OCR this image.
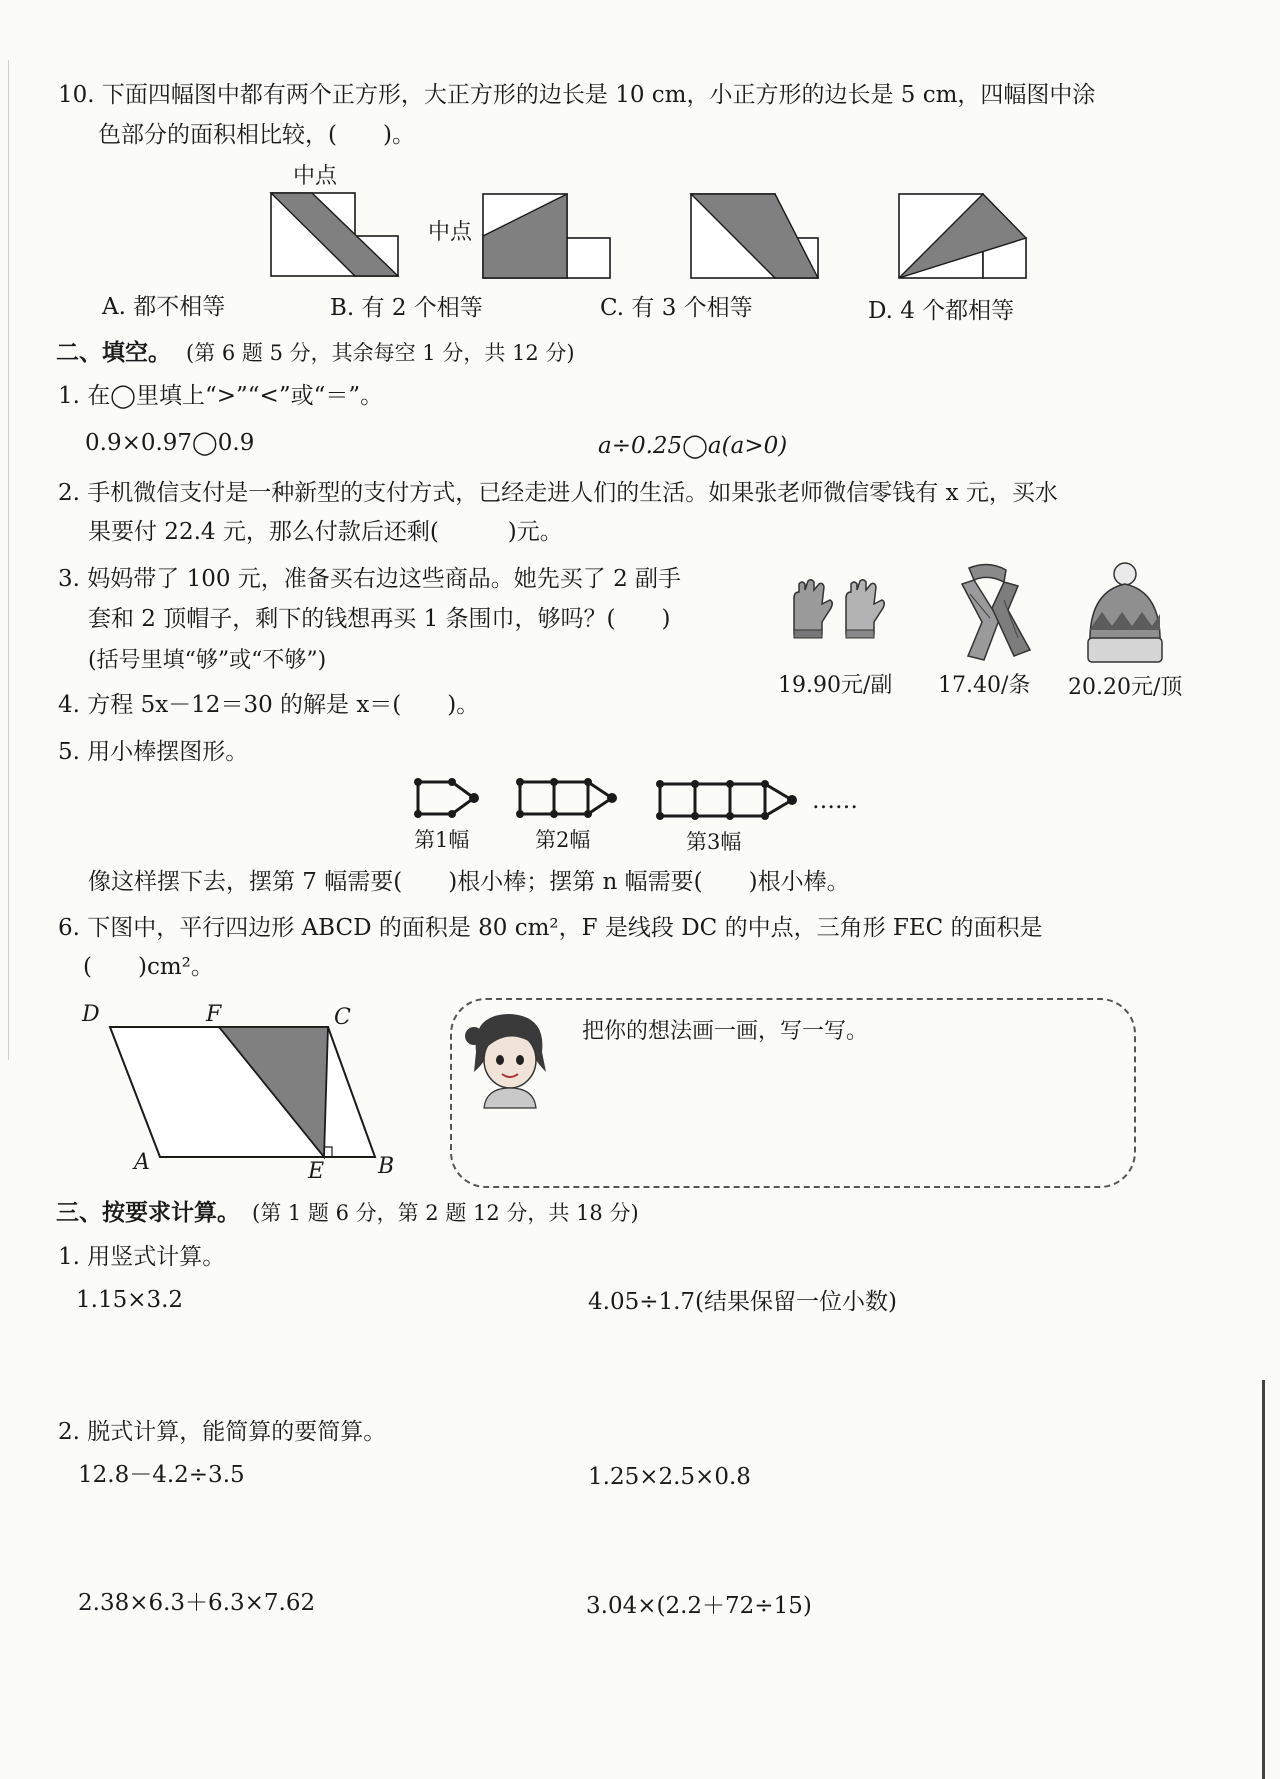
10. 下面四幅图中都有两个正方形，大正方形的边长是 10 cm，小正方形的边长是 5 cm，四幅图中涂
色部分的面积相比较，(　　)。
中点
中点
A. 都不相等	B. 有 2 个相等	C. 有 3 个相等	D. 4 个都相等
二、填空。 (第 6 题 5 分，其余每空 1 分，共 12 分)
1. 在◯里填上“>”“<”或“＝”。
0.9×0.97◯0.9	a÷0.25◯a(a>0)
2. 手机微信支付是一种新型的支付方式，已经走进人们的生活。如果张老师微信零钱有 x 元，买水
果要付 22.4 元，那么付款后还剩(　　　)元。
3. 妈妈带了 100 元，准备买右边这些商品。她先买了 2 副手
套和 2 顶帽子，剩下的钱想再买 1 条围巾，够吗？(　　)
(括号里填“够”或“不够”)
19.90元/副 17.40/条 20.20元/顶
4. 方程 5x－12＝30 的解是 x＝(　　)。
5. 用小棒摆图形。
……
第1幅	第2幅	第3幅
像这样摆下去，摆第 7 幅需要(　　)根小棒；摆第 n 幅需要(　　)根小棒。
6. 下图中，平行四边形 ABCD 的面积是 80 cm²，F 是线段 DC 的中点，三角形 FEC 的面积是
(　　)cm²。
D	F	C
A	E B
把你的想法画一画，写一写。
三、按要求计算。 (第 1 题 6 分，第 2 题 12 分，共 18 分)
1. 用竖式计算。
1.15×3.2	4.05÷1.7(结果保留一位小数)
2. 脱式计算，能简算的要简算。
12.8－4.2÷3.5	1.25×2.5×0.8
2.38×6.3＋6.3×7.62	3.04×(2.2＋72÷15)
